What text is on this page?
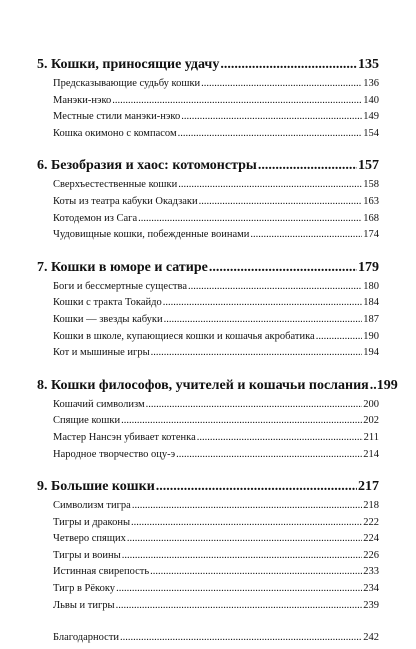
5. Кошки, приносящие удачу .....	135
Предсказывающие судьбу кошки .....	136
Манэки-нэко .....	140
Местные стили манэки-нэко .....	149
Кошка окимоно с компасом .....	154
6. Безобразия и хаос: котомонстры .....	157
Сверхъестественные кошки .....	158
Коты из театра кабуки Окадзаки .....	163
Котодемон из Сага .....	168
Чудовищные кошки, побежденные воинами .....	174
7. Кошки в юморе и сатире .....	179
Боги и бессмертные существа .....	180
Кошки с тракта Токайдо .....	184
Кошки — звезды кабуки .....	187
Кошки в школе, купающиеся кошки и кошачья акробатика .....	190
Кот и мышиные игры .....	194
8. Кошки философов, учителей и кошачьи послания ..... 199
Кошачий символизм .....	200
Спящие кошки .....	202
Мастер Нансэн убивает котенка .....	211
Народное творчество оцу-э .....	214
9. Большие кошки .....	217
Символизм тигра .....	218
Тигры и драконы .....	222
Четверо спящих .....	224
Тигры и воины .....	226
Истинная свирепость .....	233
Тигр в Рёкоку .....	234
Львы и тигры .....	239
Благодарности .....	242
